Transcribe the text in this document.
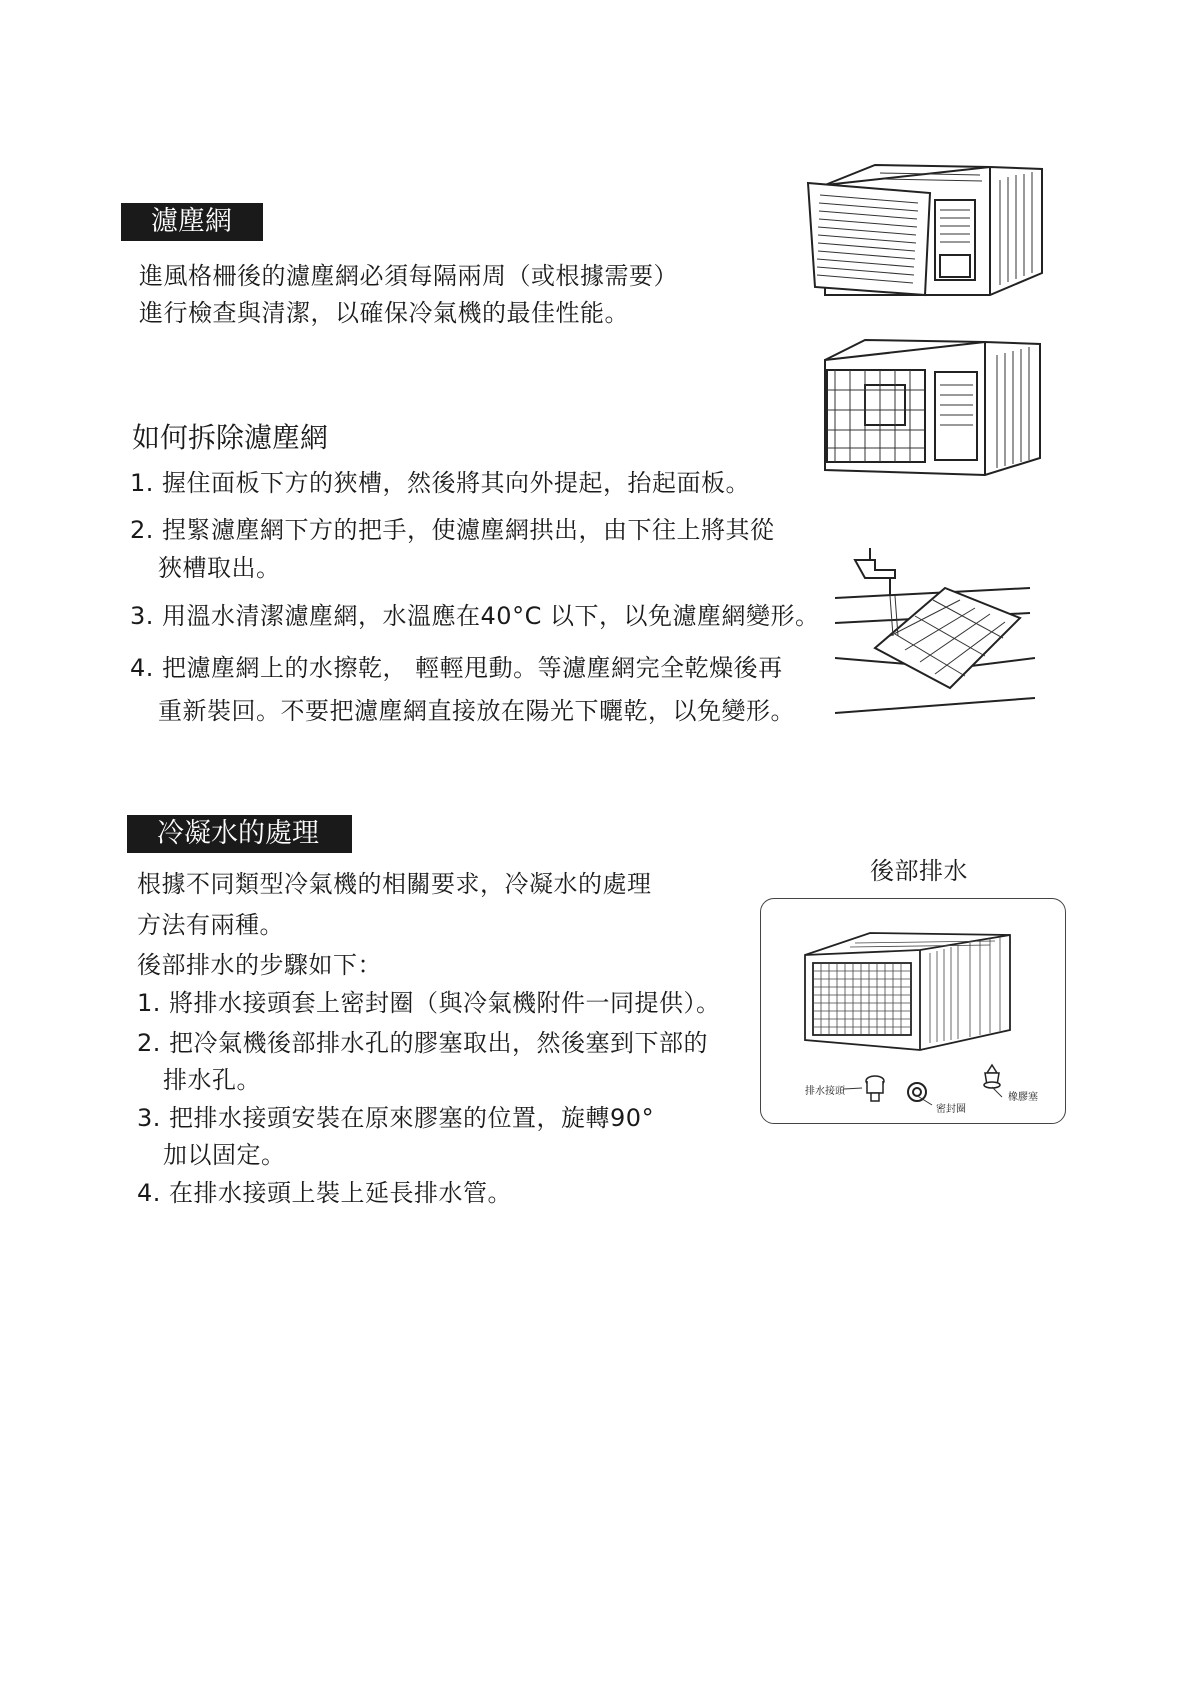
濾塵網
進風格柵後的濾塵網必須每隔兩周（或根據需要）
進行檢查與清潔，以確保冷氣機的最佳性能。
如何拆除濾塵網
1. 握住面板下方的狹槽，然後將其向外提起，抬起面板。
2. 捏緊濾塵網下方的把手，使濾塵網拱出，由下往上將其從
狹槽取出。
3. 用溫水清潔濾塵網，水溫應在40°C 以下，以免濾塵網變形。
4. 把濾塵網上的水擦乾， 輕輕甩動。等濾塵網完全乾燥後再
重新裝回。不要把濾塵網直接放在陽光下曬乾，以免變形。
冷凝水的處理
根據不同類型冷氣機的相關要求，冷凝水的處理
方法有兩種。
後部排水的步驟如下：
1. 將排水接頭套上密封圈（與冷氣機附件一同提供）。
2. 把冷氣機後部排水孔的膠塞取出，然後塞到下部的
排水孔。
3. 把排水接頭安裝在原來膠塞的位置，旋轉90°
加以固定。
4. 在排水接頭上裝上延長排水管。
後部排水
排水接頭
密封圈
橡膠塞
